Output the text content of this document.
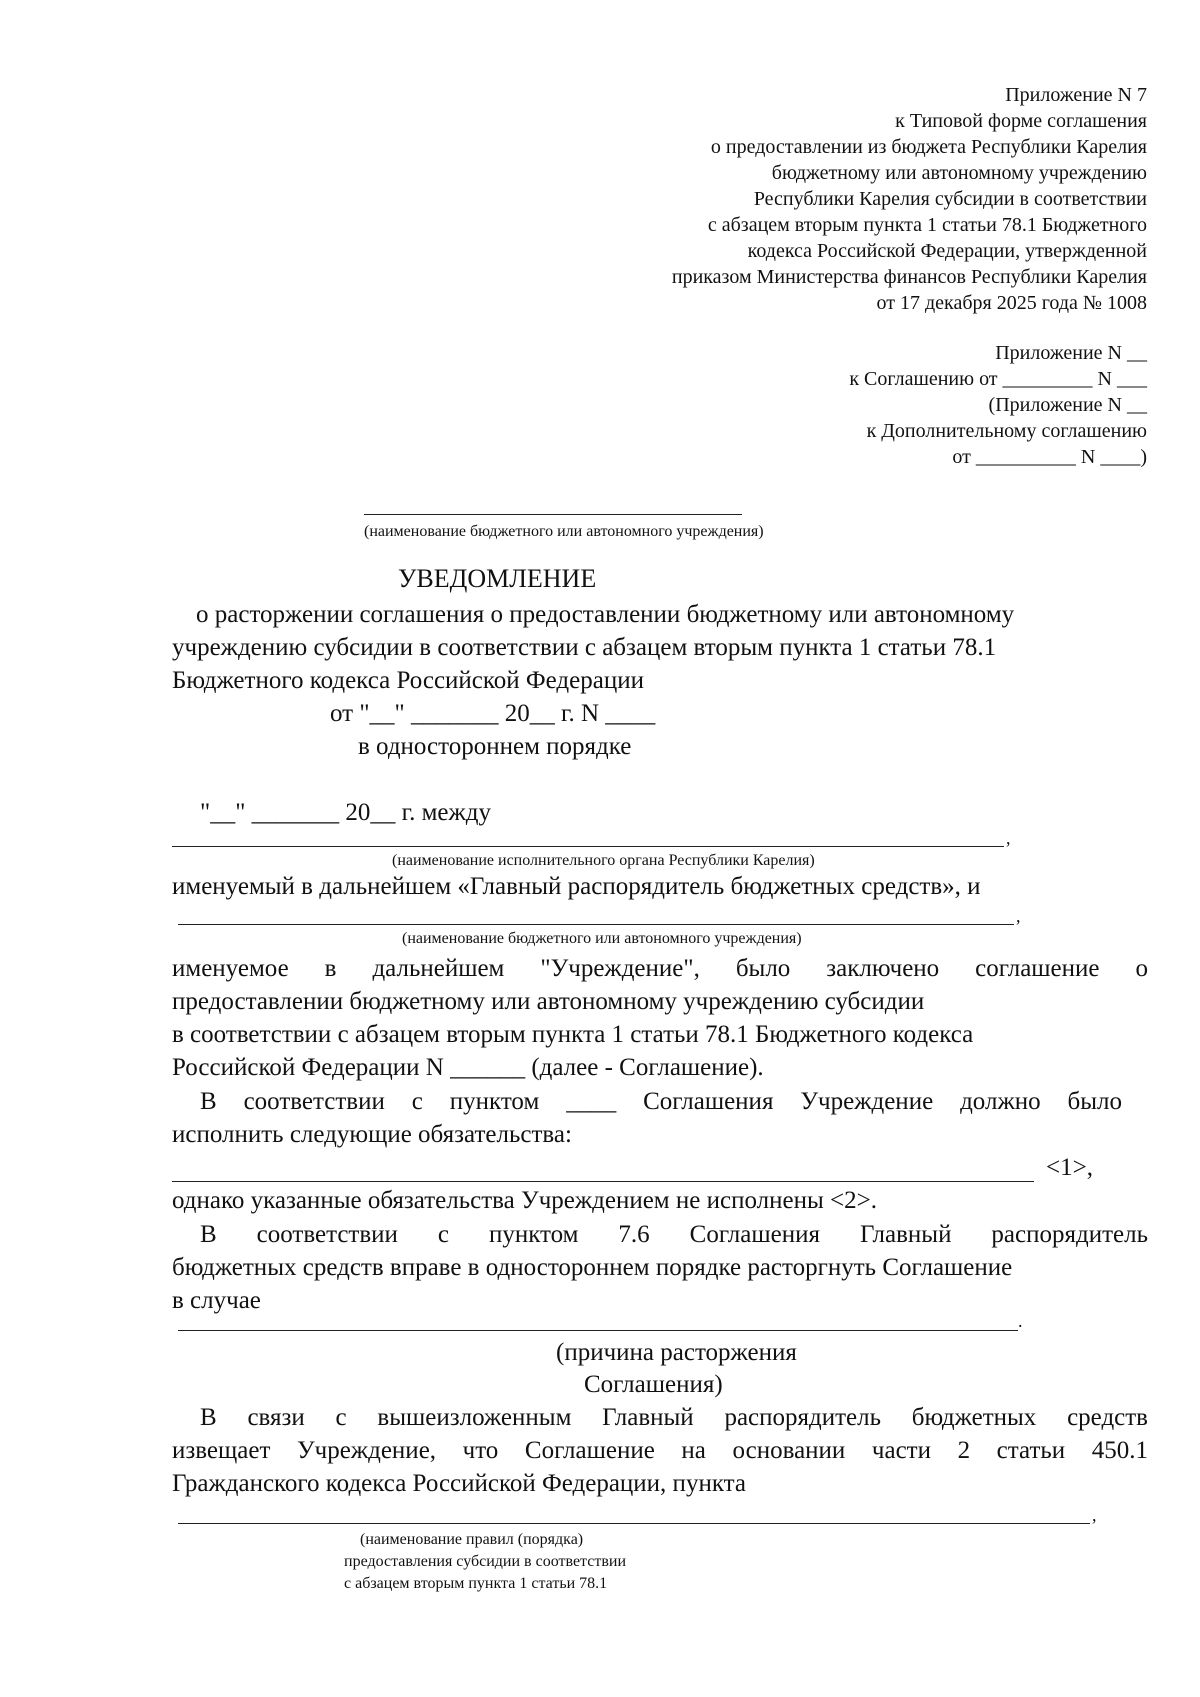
Приложение N 7
к Типовой форме соглашения
о предоставлении из бюджета Республики Карелия
бюджетному или автономному учреждению
Республики Карелия субсидии в соответствии
с абзацем вторым пункта 1 статьи 78.1 Бюджетного
кодекса Российской Федерации, утвержденной
приказом Министерства финансов Республики Карелия
от 17 декабря 2025 года № 1008
Приложение N __
к Соглашению от _________ N ___
(Приложение N __
к Дополнительному соглашению
от __________ N ____)
(наименование бюджетного или автономного учреждения)
УВЕДОМЛЕНИЕ
о расторжении соглашения о предоставлении бюджетному или автономному
учреждению субсидии в соответствии с абзацем вторым пункта 1 статьи 78.1
Бюджетного кодекса Российской Федерации
от "__" _______ 20__ г. N ____
в одностороннем порядке
"__" _______ 20__ г. между
,
(наименование исполнительного органа Республики Карелия)
именуемый в дальнейшем «Главный распорядитель бюджетных средств», и
,
(наименование бюджетного или автономного учреждения)
именуемое в дальнейшем "Учреждение", было заключено соглашение о
предоставлении бюджетному или автономному учреждению субсидии
в соответствии с абзацем вторым пункта 1 статьи 78.1 Бюджетного кодекса
Российской Федерации N ______ (далее - Соглашение).
В соответствии с пунктом ____ Соглашения Учреждение должно было
исполнить следующие обязательства:
<1>,
однако указанные обязательства Учреждением не исполнены <2>.
В соответствии с пунктом 7.6 Соглашения Главный распорядитель
бюджетных средств вправе в одностороннем порядке расторгнуть Соглашение
в случае
.
(причина расторжения
Соглашения)
В связи с вышеизложенным Главный распорядитель бюджетных средств
извещает Учреждение, что Соглашение на основании части 2 статьи 450.1
Гражданского кодекса Российской Федерации, пункта
,
(наименование правил (порядка)
предоставления субсидии в соответствии
с абзацем вторым пункта 1 статьи 78.1
